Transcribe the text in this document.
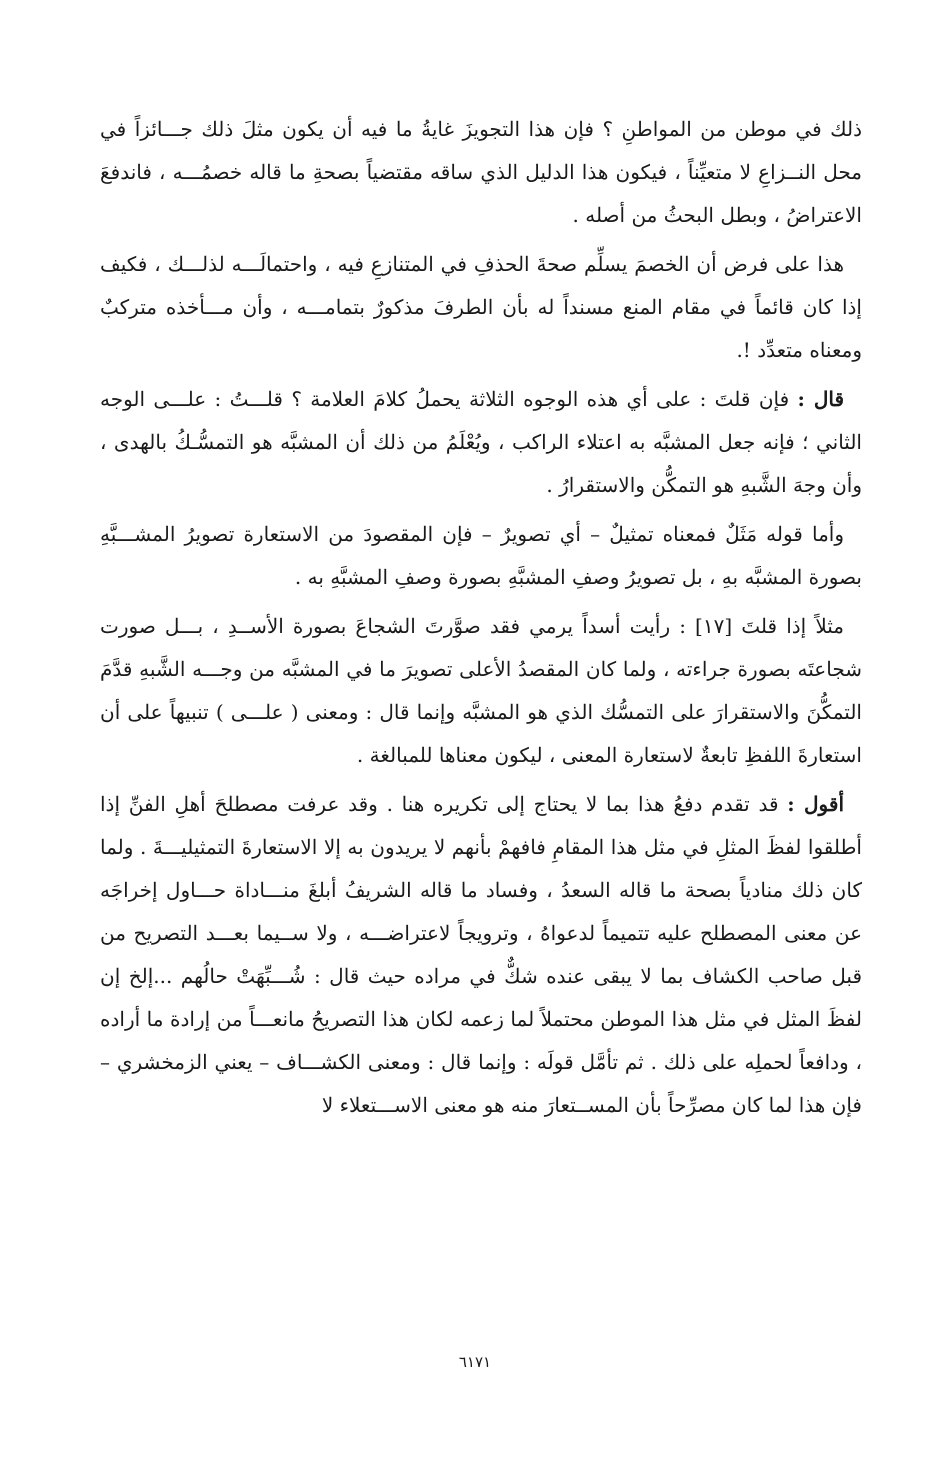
ذلك في موطن من المواطنِ ؟ فإن هذا التجويزَ غايةُ ما فيه أن يكون مثلَ ذلك جـــائزاً في محل النــزاعِ لا متعيِّناً ، فيكون هذا الدليل الذي ساقه مقتضياً بصحةِ ما قاله خصمُـــه ، فاندفعَ الاعتراضُ ، وبطل البحثُ من أصله .

هذا على فرض أن الخصمَ يسلِّم صحةَ الحذفِ في المتنازعِ فيه ، واحتمالَـــه لذلـــك ، فكيف إذا كان قائماً في مقام المنع مسنداً له بأن الطرفَ مذكورٌ بتمامـــه ، وأن مـــأخذه متركبٌ ومعناه متعدِّد !.

قال : فإن قلتَ : على أي هذه الوجوه الثلاثة يحملُ كلامَ العلامة ؟ قلـــتُ : علـــى الوجه الثاني ؛ فإنه جعل المشبَّه به اعتلاء الراكب ، ويُعْلَمُ من ذلك أن المشبَّه هو التمسُّـكُ بالهدى ، وأن وجهَ الشَّبهِ هو التمكُّن والاستقرارُ .

وأما قوله مَثَلٌ فمعناه تمثيلٌ – أي تصويرٌ – فإن المقصودَ من الاستعارة تصويرُ المشـــبَّهِ بصورة المشبَّه بهِ ، بل تصويرُ وصفِ المشبَّهِ بصورة وصفِ المشبَّهِ به .

مثلاً إذا قلتَ [١٧] : رأيت أسداً يرمي فقد صوَّرتَ الشجاعَ بصورة الأســدِ ، بـــل صورت شجاعتَه بصورة جراءته ، ولما كان المقصدُ الأعلى تصويرَ ما في المشبَّه من وجـــه الشَّبهِ قدَّمَ التمكُّنَ والاستقرارَ على التمسُّك الذي هو المشبَّه وإنما قال : ومعنى ( علـــى ) تنبيهاً على أن استعارةَ اللفظِ تابعةٌ لاستعارة المعنى ، ليكون معناها للمبالغة .

أقول : قد تقدم دفعُ هذا بما لا يحتاج إلى تكريره هنا . وقد عرفت مصطلحَ أهلِ الفنِّ إذا أطلقوا لفظَ المثلِ في مثل هذا المقامِ فافهمْ بأنهم لا يريدون به إلا الاستعارةَ التمثيليـــةَ . ولما كان ذلك منادياً بصحة ما قاله السعدُ ، وفساد ما قاله الشريفُ أبلغَ منـــاداة حـــاول إخراجَه عن معنى المصطلح عليه تتميماً لدعواهُ ، وترويجاً لاعتراضـــه ، ولا ســيما بعـــد التصريح من قبل صاحب الكشاف بما لا يبقى عنده شكٌّ في مراده حيث قال : شُـــبِّهَتْ حالُهم ...إلخ إن لفظَ المثل في مثل هذا الموطن محتملاً لما زعمه لكان هذا التصريحُ مانعـــاً من إرادة ما أراده ، ودافعاً لحملِه على ذلك . ثم تأمَّل قولَه : وإنما قال : ومعنى الكشـــاف – يعني الزمخشري – فإن هذا لما كان مصرِّحاً بأن المســتعارَ منه هو معنى الاســـتعلاء لا

٦١٧١
